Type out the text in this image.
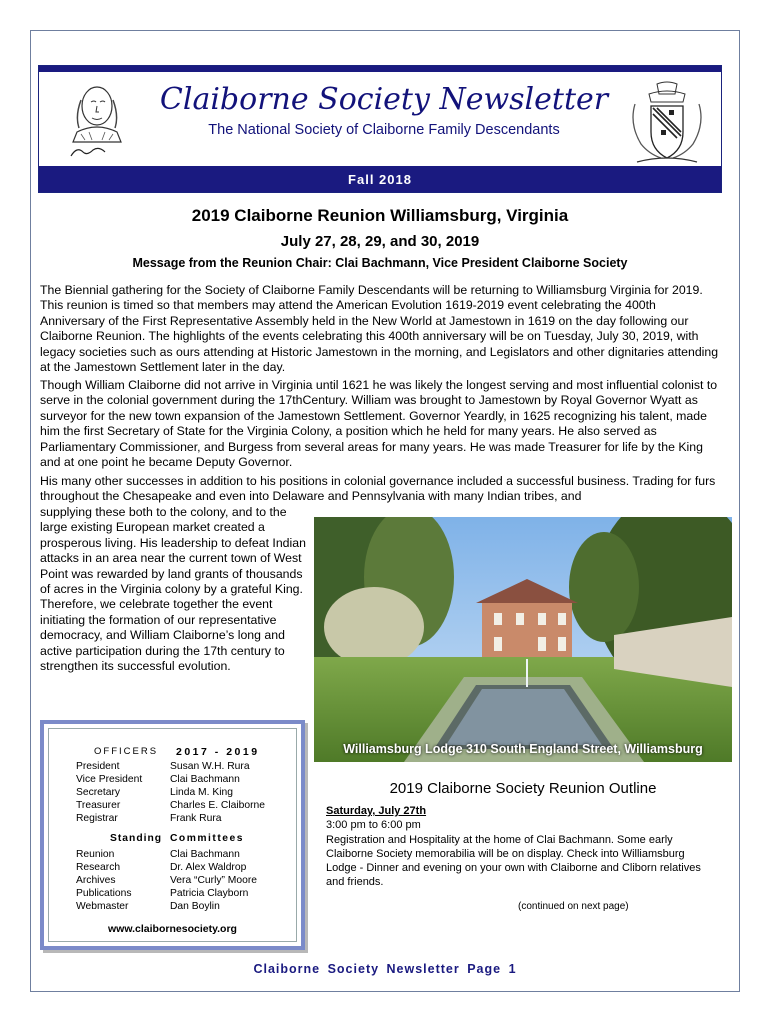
Claiborne Society Newsletter
The National Society of Claiborne Family Descendants
Fall 2018
2019 Claiborne Reunion Williamsburg, Virginia
July 27, 28, 29, and 30, 2019
Message from the Reunion Chair: Clai Bachmann, Vice President Claiborne Society

The Biennial gathering for the Society of Claiborne Family Descendants will be returning to Williamsburg Virginia for 2019. This reunion is timed so that members may attend the American Evolution 1619-2019 event celebrating the 400th Anniversary of the First Representative Assembly held in the New World at Jamestown in 1619 on the day following our Claiborne Reunion. The highlights of the events celebrating this 400th anniversary will be on Tuesday, July 30, 2019, with legacy societies such as ours attending at Historic Jamestown in the morning, and Legislators and other dignitaries attending at the Jamestown Settlement later in the day.

Though William Claiborne did not arrive in Virginia until 1621 he was likely the longest serving and most influential colonist to serve in the colonial government during the 17thCentury. William was brought to Jamestown by Royal Governor Wyatt as surveyor for the new town expansion of the Jamestown Settlement. Governor Yeardly, in 1625 recognizing his talent, made him the first Secretary of State for the Virginia Colony, a position which he held for many years. He also served as Parliamentary Commissioner, and Burgess from several areas for many years. He was made Treasurer for life by the King and at one point he became Deputy Governor.

His many other successes in addition to his positions in colonial governance included a successful business. Trading for furs throughout the Chesapeake and even into Delaware and Pennsylvania with many Indian tribes, and

supplying these both to the colony, and to the large existing European market created a prosperous living. His leadership to defeat Indian attacks in an area near the current town of West Point was rewarded by land grants of thousands of acres in the Virginia colony by a grateful King. Therefore, we celebrate together the event initiating the formation of our representative democracy, and William Claiborne’s long and active participation during the 17th century to strengthen its successful evolution.

Williamsburg Lodge 310 South England Street, Williamsburg
OFFICERS 2017 - 2019
President	Susan W.H. Rura
Vice President	Clai Bachmann
Secretary	Linda M. King
Treasurer	Charles E. Claiborne
Registrar	Frank Rura
Standing Committees
Reunion	Clai Bachmann
Research	Dr. Alex Waldrop
Archives	Vera “Curly” Moore
Publications	Patricia Clayborn
Webmaster	Dan Boylin
www.claibornesociety.org
2019 Claiborne Society Reunion Outline
Saturday, July 27th
3:00 pm to 6:00 pm

Registration and Hospitality at the home of Clai Bachmann. Some early Claiborne Society memorabilia will be on display. Check into Williamsburg Lodge - Dinner and evening on your own with Claiborne and Cliborn relatives and friends.

(continued on next page)
Claiborne Society Newsletter Page 1
